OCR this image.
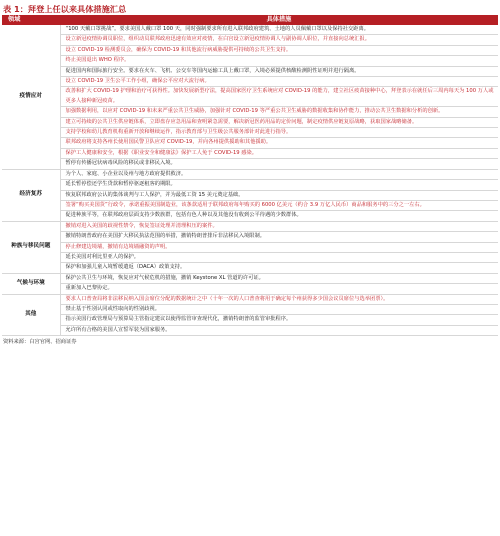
表 1：拜登上任以来具体措施汇总
领域	具体措施
疫情应对	“100 天戴口罩挑战”。要求美国人戴口罩 100 天，同时强制要求所有进入联邦政府建筑、土地的人员佩戴口罩以及保持社交距离。
	设立新冠疫情协调员职位，组织动员联邦政府迅速有效应对疫情，在白宫设立新冠疫情协调人与副协调人职位，并直接向总统汇报。
	设立 COVID-19 检测委员会，确保为 COVID-19 和其他流行病威胁提供可持续的公共卫生支持。
	终止美国退出 WHO 程序。
	促进国内和国际旅行安全。要求在火车、飞机、公交车等国内运输工具上戴口罩，入境必须提供核酸检测阴性证明并进行隔离。
	设立 COVID-19 卫生公平工作小组，确保公平应对大流行病。
	改善和扩大 COVID-19 护理和治疗可获得性。加快发展新型疗法，提高国家医疗卫生系统应对 COVID-19 的能力，建立社区疫苗接种中心，拜登表示在就任后三周内每天为 100 万人或更多人接种新冠疫苗。
	加强数据利用，以应对 COVID-19 和未来严重公共卫生威胁，加强针对 COVID-19 等严重公共卫生威胁的数据收集和协作能力，推动公共卫生数据和分析的创新。
	建立可持续的公共卫生供应链体系，立即盘存应急用品和查明紧急需要，解决新冠医药用品的定价问题，制定疫情供应链复原战略，获取国家战略储备。
	支持学校和幼儿教育机构重新开放和继续运作，指示教育部与卫生级公共服务部针对此进行指导。
	联邦政府将支持各州长使用国民警卫队应对 COVID-19，并向各州提供援助和其他援助。
	保护工人健康和安全，根据《职业安全和健康法》保护工人免于 COVID-19 感染。
	暂停有传播冠状病毒风险的移民或非移民入境。
经济复苏	为个人、家庭、小企业以及州与地方政府提供救济。
	延长暂停偿还学生贷款和暂停驱逐租客的期限。
	恢复联邦政府公认的集体谈判与工人保护，并为最低工资 15 美元奠定基础。
	签署“购买美国货”行政令，承诺重振美国制造业，该条款适用于联邦政府每年购买的 6000 亿美元（约合 3.9 万亿人民币）商品和服务中的三分之一左右。
	促进种族平等，在联邦政府层面支持少数族群，包括有色人种以及其他没有收到公平待遇的少数群体。
种族与移民问题	撤销对进入美国的歧视性禁令，恢复签证处理并清理积压的案件。
	撤销特朗普政府在美国扩大移民执法范围的举措，撤销特朗普排斥非法移民入境限制。
	停止修建边境墙，撤销有边境墙融资的声明。
	延长美国对利比里亚人的保护。
	保护和加强儿童入境暂缓遣返（DACA）政策支持。
气候与环境	保护公共卫生与环境，恢复应对气候危机的措施，撤销 Keystone XL 管道的许可证。
	重新加入巴黎协定。
其他	要求人口普查局将非法移民纳入国会席位分配的数据统计之中（十年一次的人口普查将用于确定每个州获得多少国会议员席位与选举团票）。
	禁止基于性别认同或性取向的性别歧视。
	指示美国行政管理局与预算局主管指定建议以使得监管审查现代化，撤销特朗普的监管审批程序。
	允许所有合格的美国人宣誓军装为国家服务。
资料来源：白宫官网、招商证券
